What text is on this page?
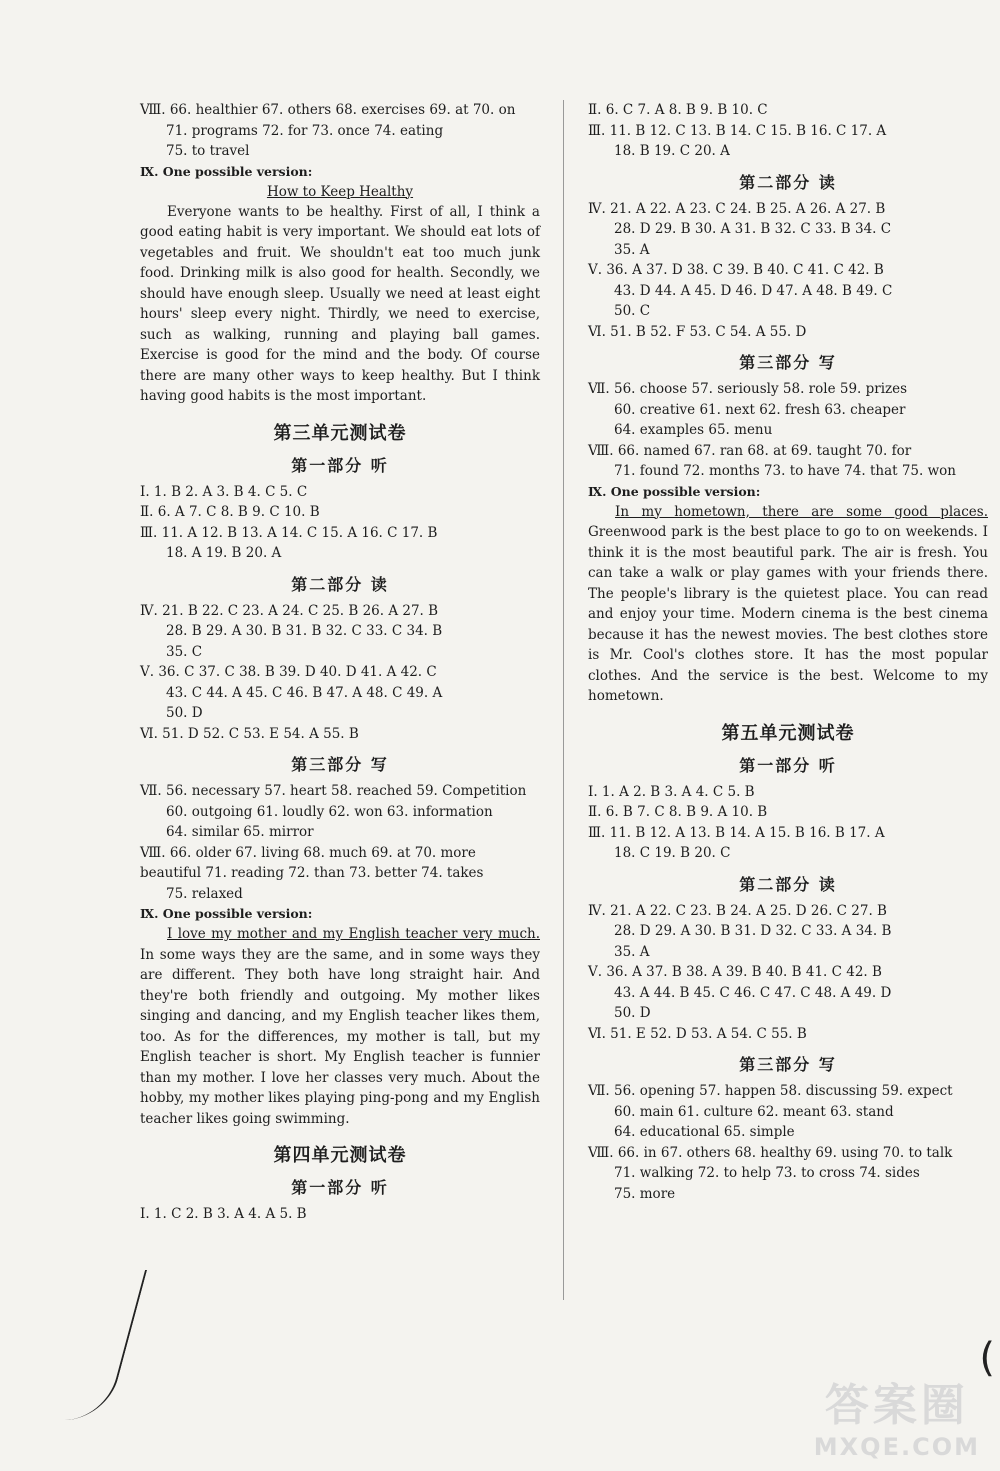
Ⅷ. 66. healthier 67. others 68. exercises 69. at 70. on
71. programs 72. for 73. once 74. eating
75. to travel
Ⅸ. One possible version:
How to Keep Healthy
Everyone wants to be healthy. First of all, I think a good eating habit is very important. We should eat lots of vegetables and fruit. We shouldn't eat too much junk food. Drinking milk is also good for health. Secondly, we should have enough sleep. Usually we need at least eight hours' sleep every night. Thirdly, we need to exercise, such as walking, running and playing ball games. Exercise is good for the mind and the body. Of course there are many other ways to keep healthy. But I think having good habits is the most important.
第三单元测试卷
第一部分 听
Ⅰ. 1. B 2. A 3. B 4. C 5. C
Ⅱ. 6. A 7. C 8. B 9. C 10. B
Ⅲ. 11. A 12. B 13. A 14. C 15. A 16. C 17. B
18. A 19. B 20. A
第二部分 读
Ⅳ. 21. B 22. C 23. A 24. C 25. B 26. A 27. B
28. B 29. A 30. B 31. B 32. C 33. C 34. B
35. C
Ⅴ. 36. C 37. C 38. B 39. D 40. D 41. A 42. C
43. C 44. A 45. C 46. B 47. A 48. C 49. A
50. D
Ⅵ. 51. D 52. C 53. E 54. A 55. B
第三部分 写
Ⅶ. 56. necessary 57. heart 58. reached 59. Competition
60. outgoing 61. loudly 62. won 63. information
64. similar 65. mirror
Ⅷ. 66. older 67. living 68. much 69. at 70. more
beautiful 71. reading 72. than 73. better 74. takes
75. relaxed
Ⅸ. One possible version:
I love my mother and my English teacher very much. In some ways they are the same, and in some ways they are different. They both have long straight hair. And they're both friendly and outgoing. My mother likes singing and dancing, and my English teacher likes them, too. As for the differences, my mother is tall, but my English teacher is short. My English teacher is funnier than my mother. I love her classes very much. About the hobby, my mother likes playing ping-pong and my English teacher likes going swimming.
第四单元测试卷
第一部分 听
Ⅰ. 1. C 2. B 3. A 4. A 5. B
Ⅱ. 6. C 7. A 8. B 9. B 10. C
Ⅲ. 11. B 12. C 13. B 14. C 15. B 16. C 17. A
18. B 19. C 20. A
第二部分 读
Ⅳ. 21. A 22. A 23. C 24. B 25. A 26. A 27. B
28. D 29. B 30. A 31. B 32. C 33. B 34. C
35. A
Ⅴ. 36. A 37. D 38. C 39. B 40. C 41. C 42. B
43. D 44. A 45. D 46. D 47. A 48. B 49. C
50. C
Ⅵ. 51. B 52. F 53. C 54. A 55. D
第三部分 写
Ⅶ. 56. choose 57. seriously 58. role 59. prizes
60. creative 61. next 62. fresh 63. cheaper
64. examples 65. menu
Ⅷ. 66. named 67. ran 68. at 69. taught 70. for
71. found 72. months 73. to have 74. that 75. won
Ⅸ. One possible version:
In my hometown, there are some good places. Greenwood park is the best place to go to on weekends. I think it is the most beautiful park. The air is fresh. You can take a walk or play games with your friends there. The people's library is the quietest place. You can read and enjoy your time. Modern cinema is the best cinema because it has the newest movies. The best clothes store is Mr. Cool's clothes store. It has the most popular clothes. And the service is the best. Welcome to my hometown.
第五单元测试卷
第一部分 听
Ⅰ. 1. A 2. B 3. A 4. C 5. B
Ⅱ. 6. B 7. C 8. B 9. A 10. B
Ⅲ. 11. B 12. A 13. B 14. A 15. B 16. B 17. A
18. C 19. B 20. C
第二部分 读
Ⅳ. 21. A 22. C 23. B 24. A 25. D 26. C 27. B
28. D 29. A 30. B 31. D 32. C 33. A 34. B
35. A
Ⅴ. 36. A 37. B 38. A 39. B 40. B 41. C 42. B
43. A 44. B 45. C 46. C 47. C 48. A 49. D
50. D
Ⅵ. 51. E 52. D 53. A 54. C 55. B
第三部分 写
Ⅶ. 56. opening 57. happen 58. discussing 59. expect
60. main 61. culture 62. meant 63. stand
64. educational 65. simple
Ⅷ. 66. in 67. others 68. healthy 69. using 70. to talk
71. walking 72. to help 73. to cross 74. sides
75. more
(
答案圈
MXQE.COM
